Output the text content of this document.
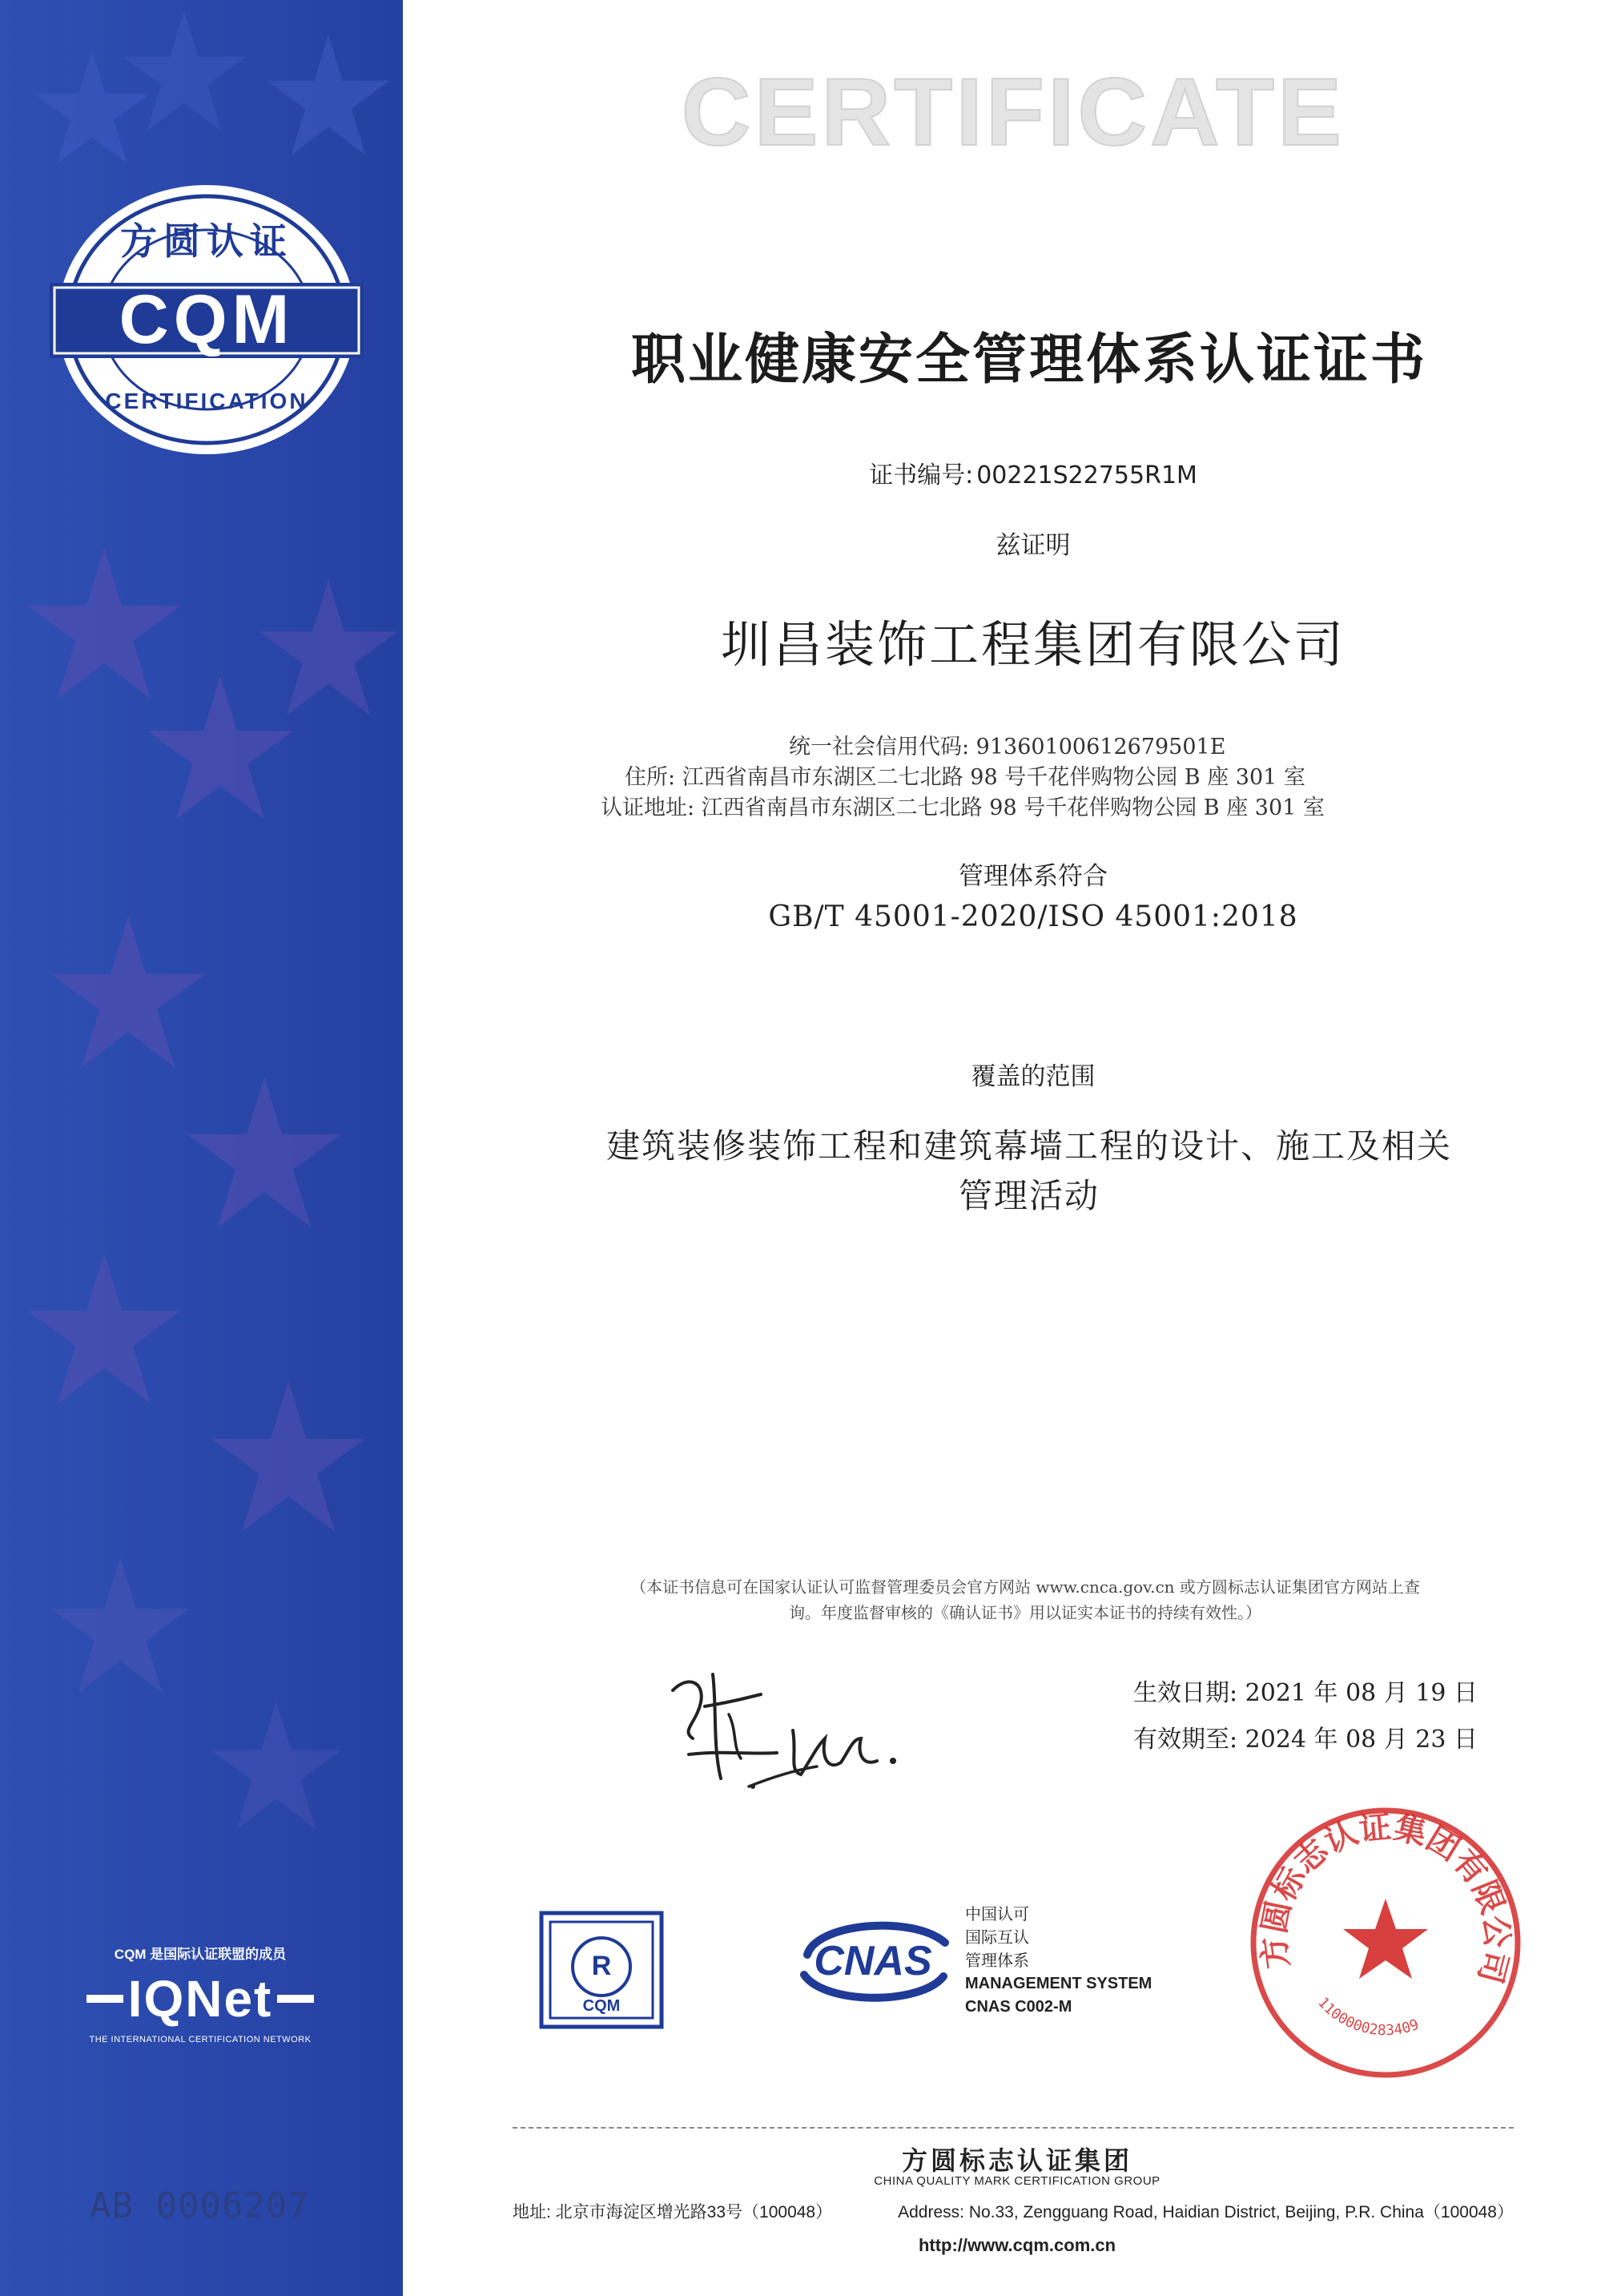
CQM
方圆认证
CERTIFICATION
CQM 是国际认证联盟的成员
IQNet
THE INTERNATIONAL CERTIFICATION NETWORK
AB 0006207
CERTIFICATE
职业健康安全管理体系认证证书
证书编号: 00221S22755R1M
兹证明
圳昌装饰工程集团有限公司
统一社会信用代码: 91360100612679501E
住所: 江西省南昌市东湖区二七北路 98 号千花伴购物公园 B 座 301 室
认证地址: 江西省南昌市东湖区二七北路 98 号千花伴购物公园 B 座 301 室
管理体系符合
GB/T 45001-2020/ISO 45001:2018
覆盖的范围
建筑装修装饰工程和建筑幕墙工程的设计、施工及相关
管理活动
（本证书信息可在国家认证认可监督管理委员会官方网站 www.cnca.gov.cn 或方圆标志认证集团官方网站上查
询。年度监督审核的《确认证书》用以证实本证书的持续有效性。）
生效日期: 2021 年 08 月 19 日
有效期至: 2024 年 08 月 23 日
R
CQM
CNAS
中国认可
国际互认
管理体系
MANAGEMENT SYSTEM
CNAS C002-M
方圆标志认证集团有限公司
1100000283409
方圆标志认证集团
CHINA QUALITY MARK CERTIFICATION GROUP
地址: 北京市海淀区增光路33号（100048）	Address: No.33, Zengguang Road, Haidian District, Beijing, P.R. China（100048）
http://www.cqm.com.cn
